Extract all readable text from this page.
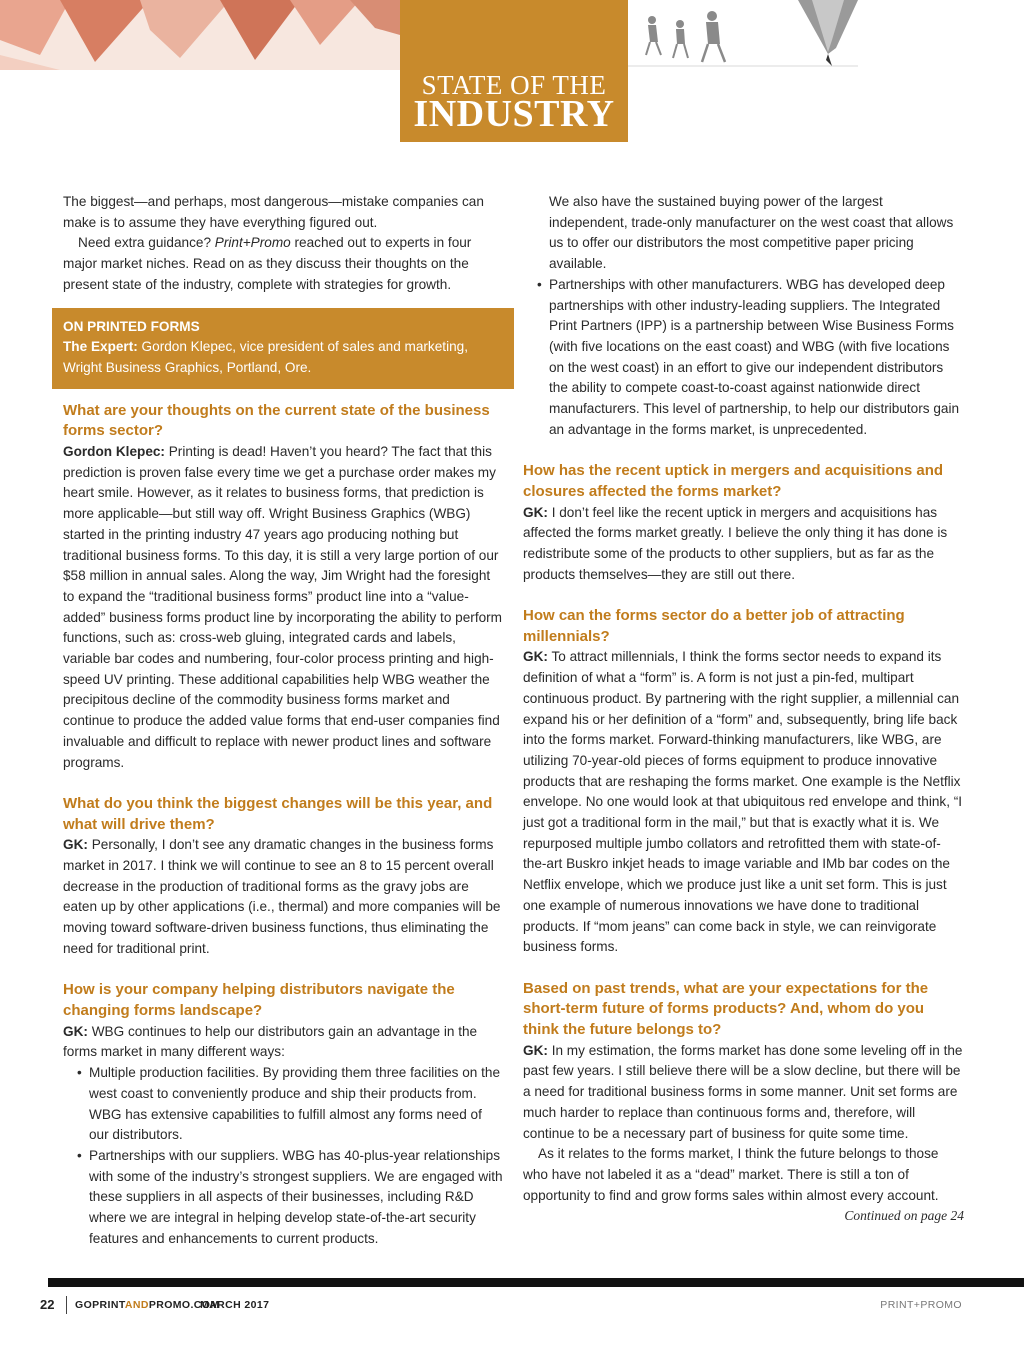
STATE OF THE
INDUSTRY

The biggest—and perhaps, most dangerous—mistake companies can make is to assume they have everything figured out.

Need extra guidance? Print+Promo reached out to experts in four major market niches. Read on as they discuss their thoughts on the present state of the industry, complete with strategies for growth.

ON PRINTED FORMS

The Expert: Gordon Klepec, vice president of sales and marketing, Wright Business Graphics, Portland, Ore.

What are your thoughts on the current state of the business forms sector?

Gordon Klepec: Printing is dead! Haven’t you heard? The fact that this prediction is proven false every time we get a purchase order makes my heart smile. However, as it relates to business forms, that prediction is more applicable—but still way off. Wright Business Graphics (WBG) started in the printing industry 47 years ago producing nothing but traditional business forms. To this day, it is still a very large portion of our $58 million in annual sales. Along the way, Jim Wright had the foresight to expand the “traditional business forms” product line into a “value-added” business forms product line by incorporating the ability to perform functions, such as: cross-web gluing, integrated cards and labels, variable bar codes and numbering, four-color process printing and high-speed UV printing. These additional capabilities help WBG weather the precipitous decline of the commodity business forms market and continue to produce the added value forms that end-user companies find invaluable and difficult to replace with newer product lines and software programs.

What do you think the biggest changes will be this year, and what will drive them?

GK: Personally, I don’t see any dramatic changes in the business forms market in 2017. I think we will continue to see an 8 to 15 percent overall decrease in the production of traditional forms as the gravy jobs are eaten up by other applications (i.e., thermal) and more companies will be moving toward software-driven business functions, thus eliminating the need for traditional print.

How is your company helping distributors navigate the changing forms landscape?

GK: WBG continues to help our distributors gain an advantage in the forms market in many different ways:

• Multiple production facilities. By providing them three facilities on the west coast to conveniently produce and ship their products from. WBG has extensive capabilities to fulfill almost any forms need of our distributors.
• Partnerships with our suppliers. WBG has 40-plus-year relationships with some of the industry’s strongest suppliers. We are engaged with these suppliers in all aspects of their businesses, including R&D where we are integral in helping develop state-of-the-art security features and enhancements to current products.
We also have the sustained buying power of the largest independent, trade-only manufacturer on the west coast that allows us to offer our distributors the most competitive paper pricing available.
• Partnerships with other manufacturers. WBG has developed deep partnerships with other industry-leading suppliers. The Integrated Print Partners (IPP) is a partnership between Wise Business Forms (with five locations on the east coast) and WBG (with five locations on the west coast) in an effort to give our independent distributors the ability to compete coast-to-coast against nationwide direct manufacturers. This level of partnership, to help our distributors gain an advantage in the forms market, is unprecedented.

How has the recent uptick in mergers and acquisitions and closures affected the forms market?

GK: I don’t feel like the recent uptick in mergers and acquisitions has affected the forms market greatly. I believe the only thing it has done is redistribute some of the products to other suppliers, but as far as the products themselves—they are still out there.

How can the forms sector do a better job of attracting millennials?

GK: To attract millennials, I think the forms sector needs to expand its definition of what a “form” is. A form is not just a pin-fed, multipart continuous product. By partnering with the right supplier, a millennial can expand his or her definition of a “form” and, subsequently, bring life back into the forms market. Forward-thinking manufacturers, like WBG, are utilizing 70-year-old pieces of forms equipment to produce innovative products that are reshaping the forms market. One example is the Netflix envelope. No one would look at that ubiquitous red envelope and think, “I just got a traditional form in the mail,” but that is exactly what it is. We repurposed multiple jumbo collators and retrofitted them with state-of-the-art Buskro inkjet heads to image variable and IMb bar codes on the Netflix envelope, which we produce just like a unit set form. This is just one example of numerous innovations we have done to traditional products. If “mom jeans” can come back in style, we can reinvigorate business forms.

Based on past trends, what are your expectations for the short-term future of forms products? And, whom do you think the future belongs to?

GK: In my estimation, the forms market has done some leveling off in the past few years. I still believe there will be a slow decline, but there will be a need for traditional business forms in some manner. Unit set forms are much harder to replace than continuous forms and, therefore, will continue to be a necessary part of business for quite some time.

As it relates to the forms market, I think the future belongs to those who have not labeled it as a “dead” market. There is still a ton of opportunity to find and grow forms sales within almost every account.

Continued on page 24

22 GOPRINTANDPROMO.COM
MARCH 2017	PRINT+PROMO
